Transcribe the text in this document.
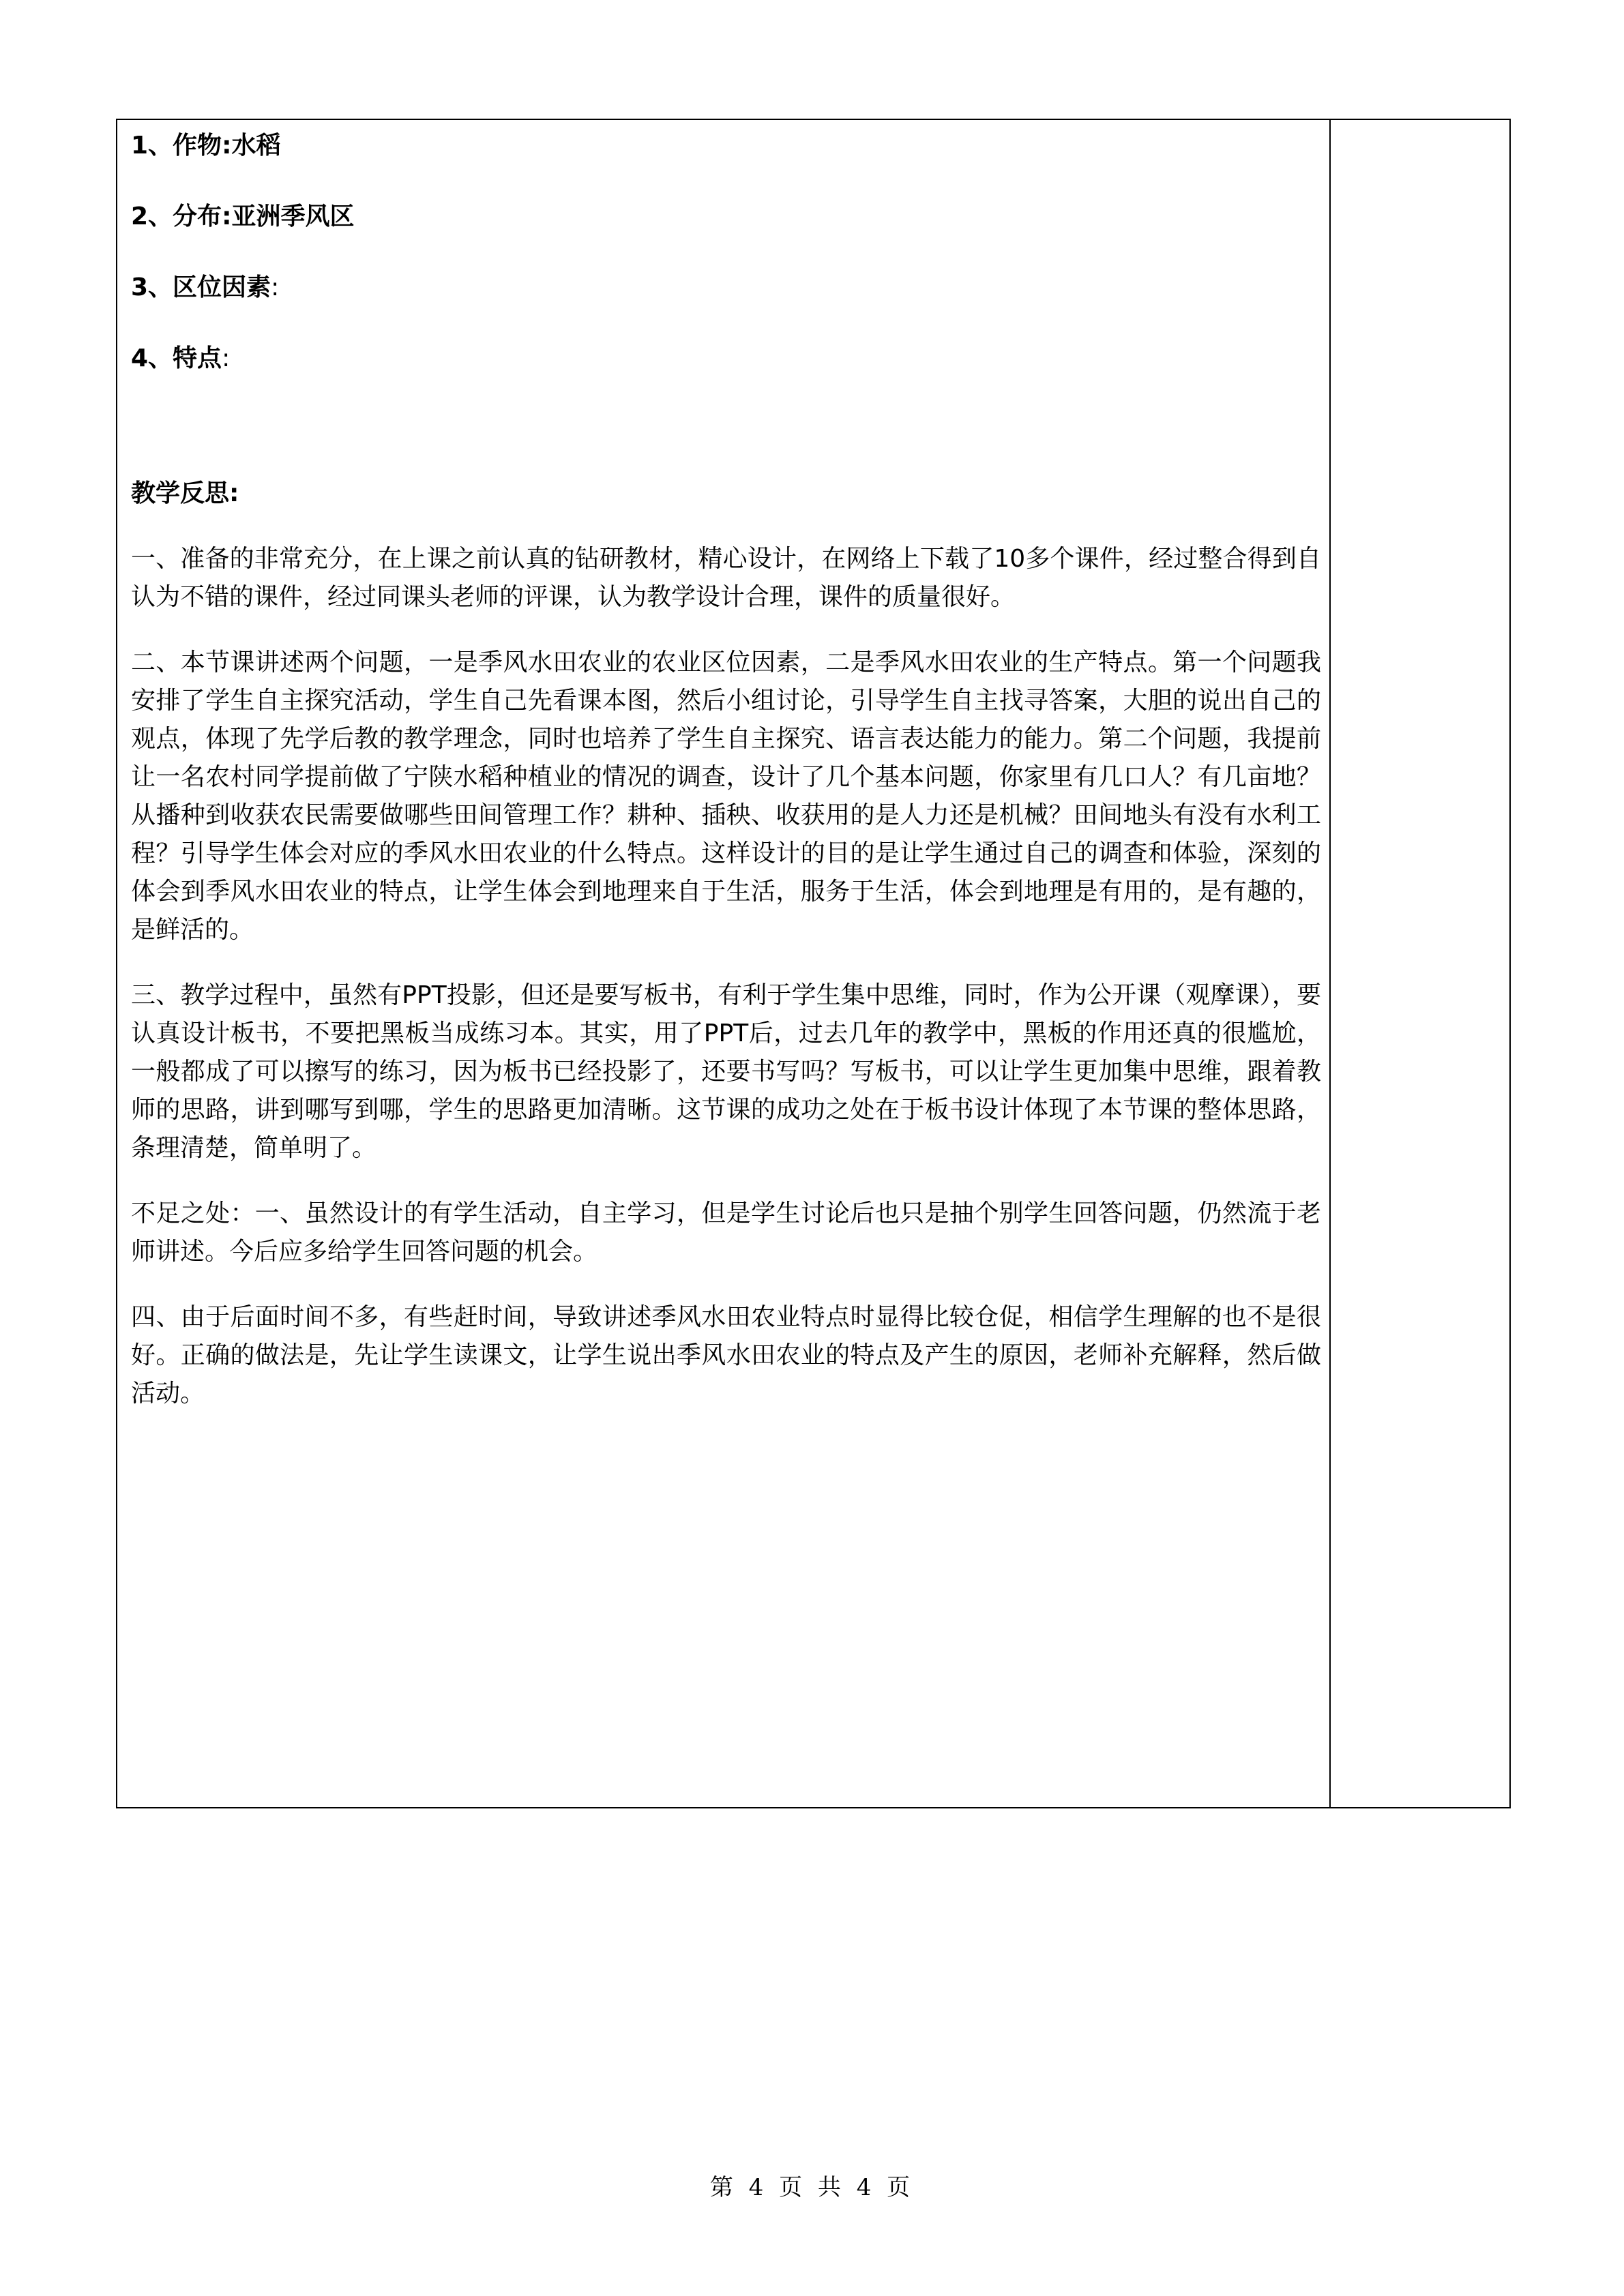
1、作物:水稻

2、分布:亚洲季风区

3、区位因素:

4、特点:

教学反思:

一、准备的非常充分，在上课之前认真的钻研教材，精心设计，在网络上下载了10多个课件，经过整合得到自认为不错的课件，经过同课头老师的评课，认为教学设计合理，课件的质量很好。

二、本节课讲述两个问题，一是季风水田农业的农业区位因素，二是季风水田农业的生产特点。第一个问题我安排了学生自主探究活动，学生自己先看课本图，然后小组讨论，引导学生自主找寻答案，大胆的说出自己的观点，体现了先学后教的教学理念，同时也培养了学生自主探究、语言表达能力的能力。第二个问题，我提前让一名农村同学提前做了宁陕水稻种植业的情况的调查，设计了几个基本问题，你家里有几口人？有几亩地？从播种到收获农民需要做哪些田间管理工作？耕种、插秧、收获用的是人力还是机械？田间地头有没有水利工程？引导学生体会对应的季风水田农业的什么特点。这样设计的目的是让学生通过自己的调查和体验，深刻的体会到季风水田农业的特点，让学生体会到地理来自于生活，服务于生活，体会到地理是有用的，是有趣的，是鲜活的。

三、教学过程中，虽然有PPT投影，但还是要写板书，有利于学生集中思维，同时，作为公开课（观摩课），要认真设计板书，不要把黑板当成练习本。其实，用了PPT后，过去几年的教学中，黑板的作用还真的很尴尬，一般都成了可以擦写的练习，因为板书已经投影了，还要书写吗？写板书，可以让学生更加集中思维，跟着教师的思路，讲到哪写到哪，学生的思路更加清晰。这节课的成功之处在于板书设计体现了本节课的整体思路，条理清楚，简单明了。

不足之处：一、虽然设计的有学生活动，自主学习，但是学生讨论后也只是抽个别学生回答问题，仍然流于老师讲述。今后应多给学生回答问题的机会。

四、由于后面时间不多，有些赶时间，导致讲述季风水田农业特点时显得比较仓促，相信学生理解的也不是很好。正确的做法是，先让学生读课文，让学生说出季风水田农业的特点及产生的原因，老师补充解释，然后做活动。

第 4 页 共 4 页
